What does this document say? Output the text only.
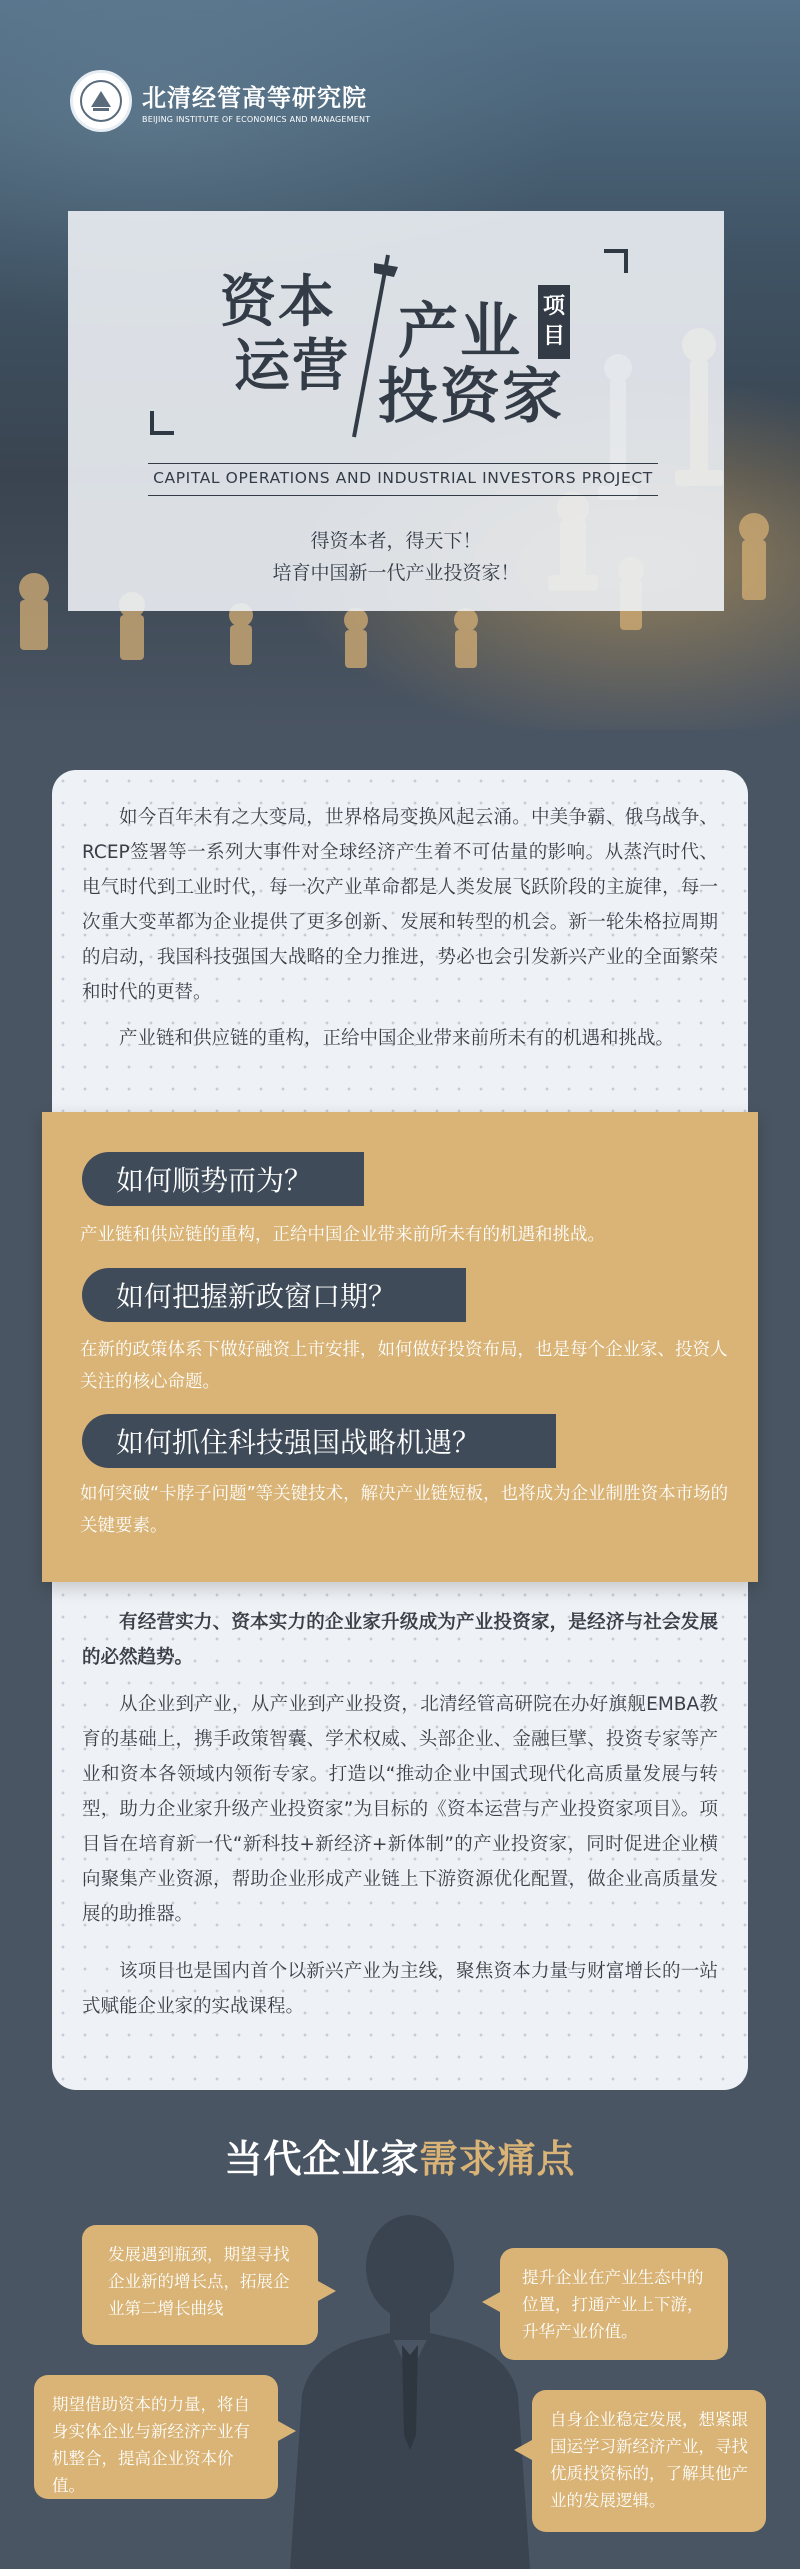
北清经管高等研究院
BEIJING INSTITUTE OF ECONOMICS AND MANAGEMENT
资本
运营 产业
投资家
项目
CAPITAL OPERATIONS AND INDUSTRIAL INVESTORS PROJECT
得资本者，得天下！
培育中国新一代产业投资家！

如今百年未有之大变局，世界格局变换风起云涌。中美争霸、俄乌战争、RCEP签署等一系列大事件对全球经济产生着不可估量的影响。从蒸汽时代、电气时代到工业时代，每一次产业革命都是人类发展飞跃阶段的主旋律，每一次重大变革都为企业提供了更多创新、发展和转型的机会。新一轮朱格拉周期的启动，我国科技强国大战略的全力推进，势必也会引发新兴产业的全面繁荣和时代的更替。

产业链和供应链的重构，正给中国企业带来前所未有的机遇和挑战。

有经营实力、资本实力的企业家升级成为产业投资家，是经济与社会发展的必然趋势。

从企业到产业，从产业到产业投资，北清经管高研院在办好旗舰EMBA教育的基础上，携手政策智囊、学术权威、头部企业、金融巨擘、投资专家等产业和资本各领域内领衔专家。打造以“推动企业中国式现代化高质量发展与转型，助力企业家升级产业投资家”为目标的《资本运营与产业投资家项目》。项目旨在培育新一代“新科技+新经济+新体制”的产业投资家，同时促进企业横向聚集产业资源，帮助企业形成产业链上下游资源优化配置，做企业高质量发展的助推器。

该项目也是国内首个以新兴产业为主线，聚焦资本力量与财富增长的一站式赋能企业家的实战课程。

如何顺势而为？

产业链和供应链的重构，正给中国企业带来前所未有的机遇和挑战。

如何把握新政窗口期？

在新的政策体系下做好融资上市安排，如何做好投资布局，也是每个企业家、投资人关注的核心命题。

如何抓住科技强国战略机遇？

如何突破“卡脖子问题”等关键技术，解决产业链短板，也将成为企业制胜资本市场的关键要素。

当代企业家需求痛点
发展遇到瓶颈，期望寻找企业新的增长点，拓展企业第二增长曲线
提升企业在产业生态中的位置，打通产业上下游，升华产业价值。
期望借助资本的力量，将自身实体企业与新经济产业有机整合，提高企业资本价值。
自身企业稳定发展，想紧跟国运学习新经济产业，寻找优质投资标的，了解其他产业的发展逻辑。
